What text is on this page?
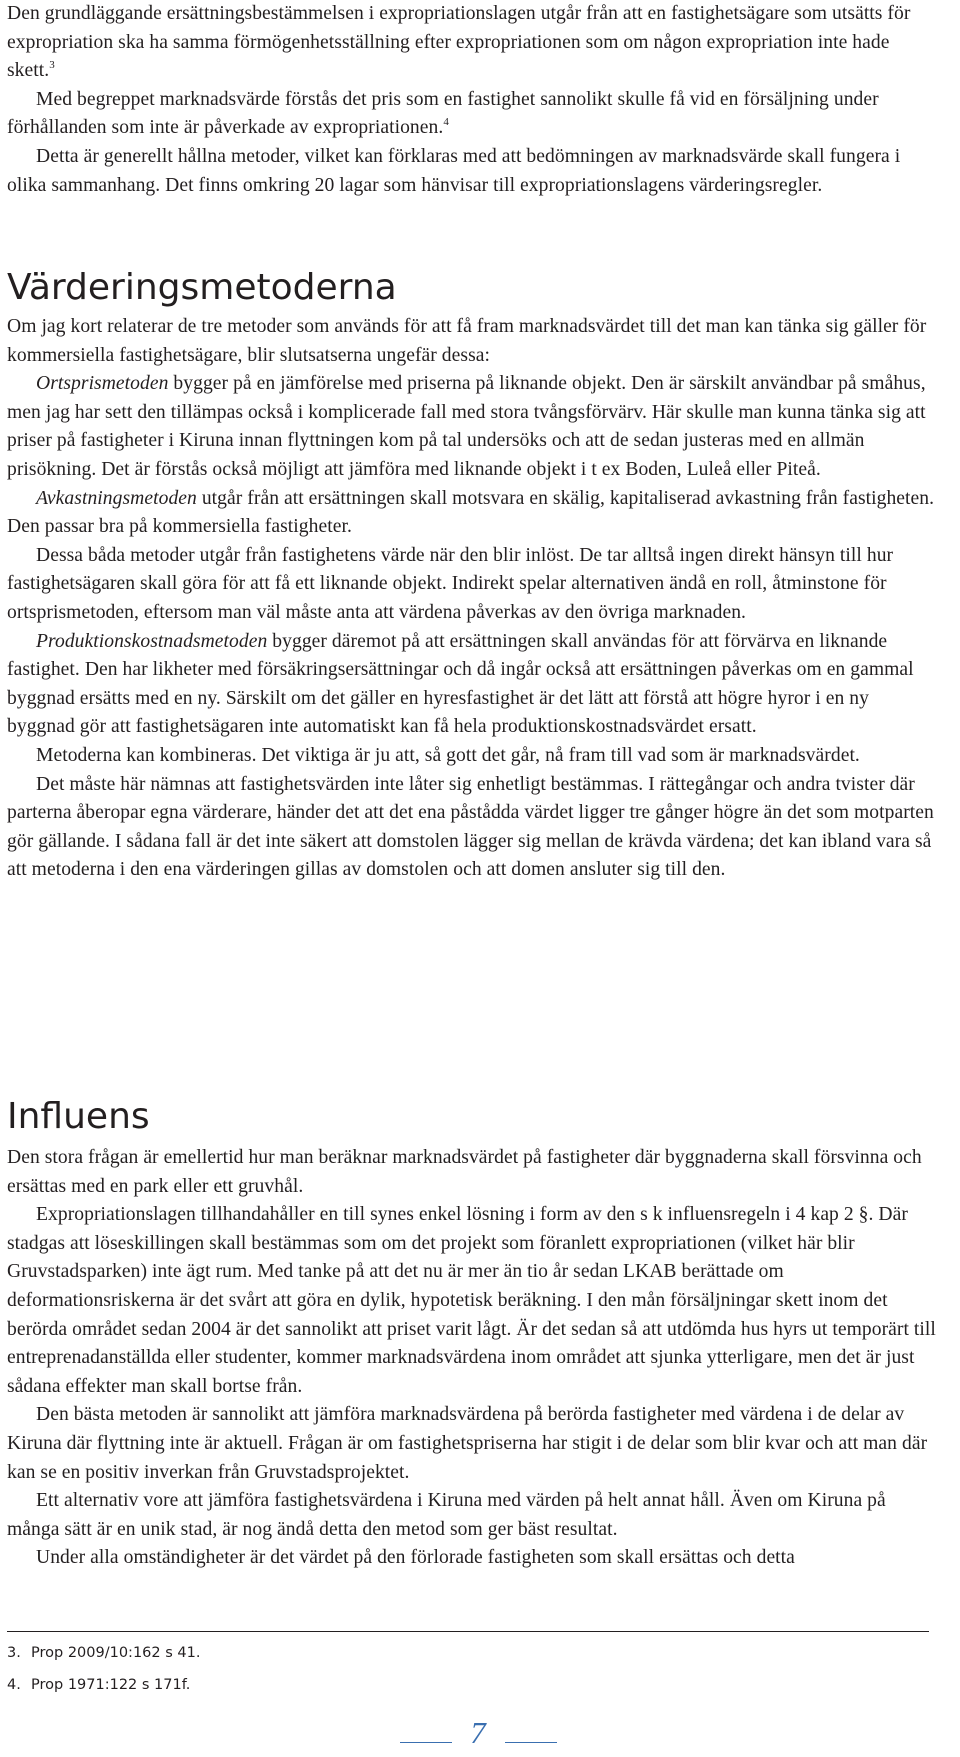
Den grundläggande ersättningsbestämmelsen i expropriationslagen utgår från att en fastighetsägare som utsätts för expropriation ska ha samma förmögenhetsställning efter expropriationen som om någon expropriation inte hade skett.$^3$

Med begreppet marknadsvärde förstås det pris som en fastighet sannolikt skulle få vid en försäljning under förhållanden som inte är påverkade av expropriationen.$^4$

Detta är generellt hållna metoder, vilket kan förklaras med att bedömningen av marknadsvärde skall fungera i olika sammanhang. Det finns omkring 20 lagar som hänvisar till expropriationslagens värderingsregler.

Värderingsmetoderna

Om jag kort relaterar de tre metoder som används för att få fram marknadsvärdet till det man kan tänka sig gäller för kommersiella fastighetsägare, blir slutsatserna ungefär dessa:

Ortsprismetoden bygger på en jämförelse med priserna på liknande objekt. Den är särskilt användbar på småhus, men jag har sett den tillämpas också i komplicerade fall med stora tvångsförvärv. Här skulle man kunna tänka sig att priser på fastigheter i Kiruna innan flyttningen kom på tal undersöks och att de sedan justeras med en allmän prisökning. Det är förstås också möjligt att jämföra med liknande objekt i t ex Boden, Luleå eller Piteå.

Avkastningsmetoden utgår från att ersättningen skall motsvara en skälig, kapitaliserad avkastning från fastigheten. Den passar bra på kommersiella fastigheter.

Dessa båda metoder utgår från fastighetens värde när den blir inlöst. De tar alltså ingen direkt hänsyn till hur fastighetsägaren skall göra för att få ett liknande objekt. Indirekt spelar alternativen ändå en roll, åtminstone för ortsprismetoden, eftersom man väl måste anta att värdena påverkas av den övriga marknaden.

Produktionskostnadsmetoden bygger däremot på att ersättningen skall användas för att förvärva en liknande fastighet. Den har likheter med försäkringsersättningar och då ingår också att ersättningen påverkas om en gammal byggnad ersätts med en ny. Särskilt om det gäller en hyresfastighet är det lätt att förstå att högre hyror i en ny byggnad gör att fastighetsägaren inte automatiskt kan få hela produktionskostnadsvärdet ersatt.

Metoderna kan kombineras. Det viktiga är ju att, så gott det går, nå fram till vad som är marknadsvärdet.

Det måste här nämnas att fastighetsvärden inte låter sig enhetligt bestämmas. I rättegångar och andra tvister där parterna åberopar egna värderare, händer det att det ena påstådda värdet ligger tre gånger högre än det som motparten gör gällande. I sådana fall är det inte säkert att domstolen lägger sig mellan de krävda värdena; det kan ibland vara så att metoderna i den ena värderingen gillas av domstolen och att domen ansluter sig till den.

Influens

Den stora frågan är emellertid hur man beräknar marknadsvärdet på fastigheter där byggnaderna skall försvinna och ersättas med en park eller ett gruvhål.

Expropriationslagen tillhandahåller en till synes enkel lösning i form av den s k influensregeln i 4 kap 2 §. Där stadgas att löseskillingen skall bestämmas som om det projekt som föranlett expropriationen (vilket här blir Gruvstadsparken) inte ägt rum. Med tanke på att det nu är mer än tio år sedan LKAB berättade om deformationsriskerna är det svårt att göra en dylik, hypotetisk beräkning. I den mån försäljningar skett inom det berörda området sedan 2004 är det sannolikt att priset varit lågt. Är det sedan så att utdömda hus hyrs ut temporärt till entreprenadanställda eller studenter, kommer marknadsvärdena inom området att sjunka ytterligare, men det är just sådana effekter man skall bortse från.

Den bästa metoden är sannolikt att jämföra marknadsvärdena på berörda fastigheter med värdena i de delar av Kiruna där flyttning inte är aktuell. Frågan är om fastighetspriserna har stigit i de delar som blir kvar och att man där kan se en positiv inverkan från Gruvstadsprojektet.

Ett alternativ vore att jämföra fastighetsvärdena i Kiruna med värden på helt annat håll. Även om Kiruna på många sätt är en unik stad, är nog ändå detta den metod som ger bäst resultat.

Under alla omständigheter är det värdet på den förlorade fastigheten som skall ersättas och detta

3. Prop 2009/10:162 s 41.
4. Prop 1971:122 s 171f.
7
